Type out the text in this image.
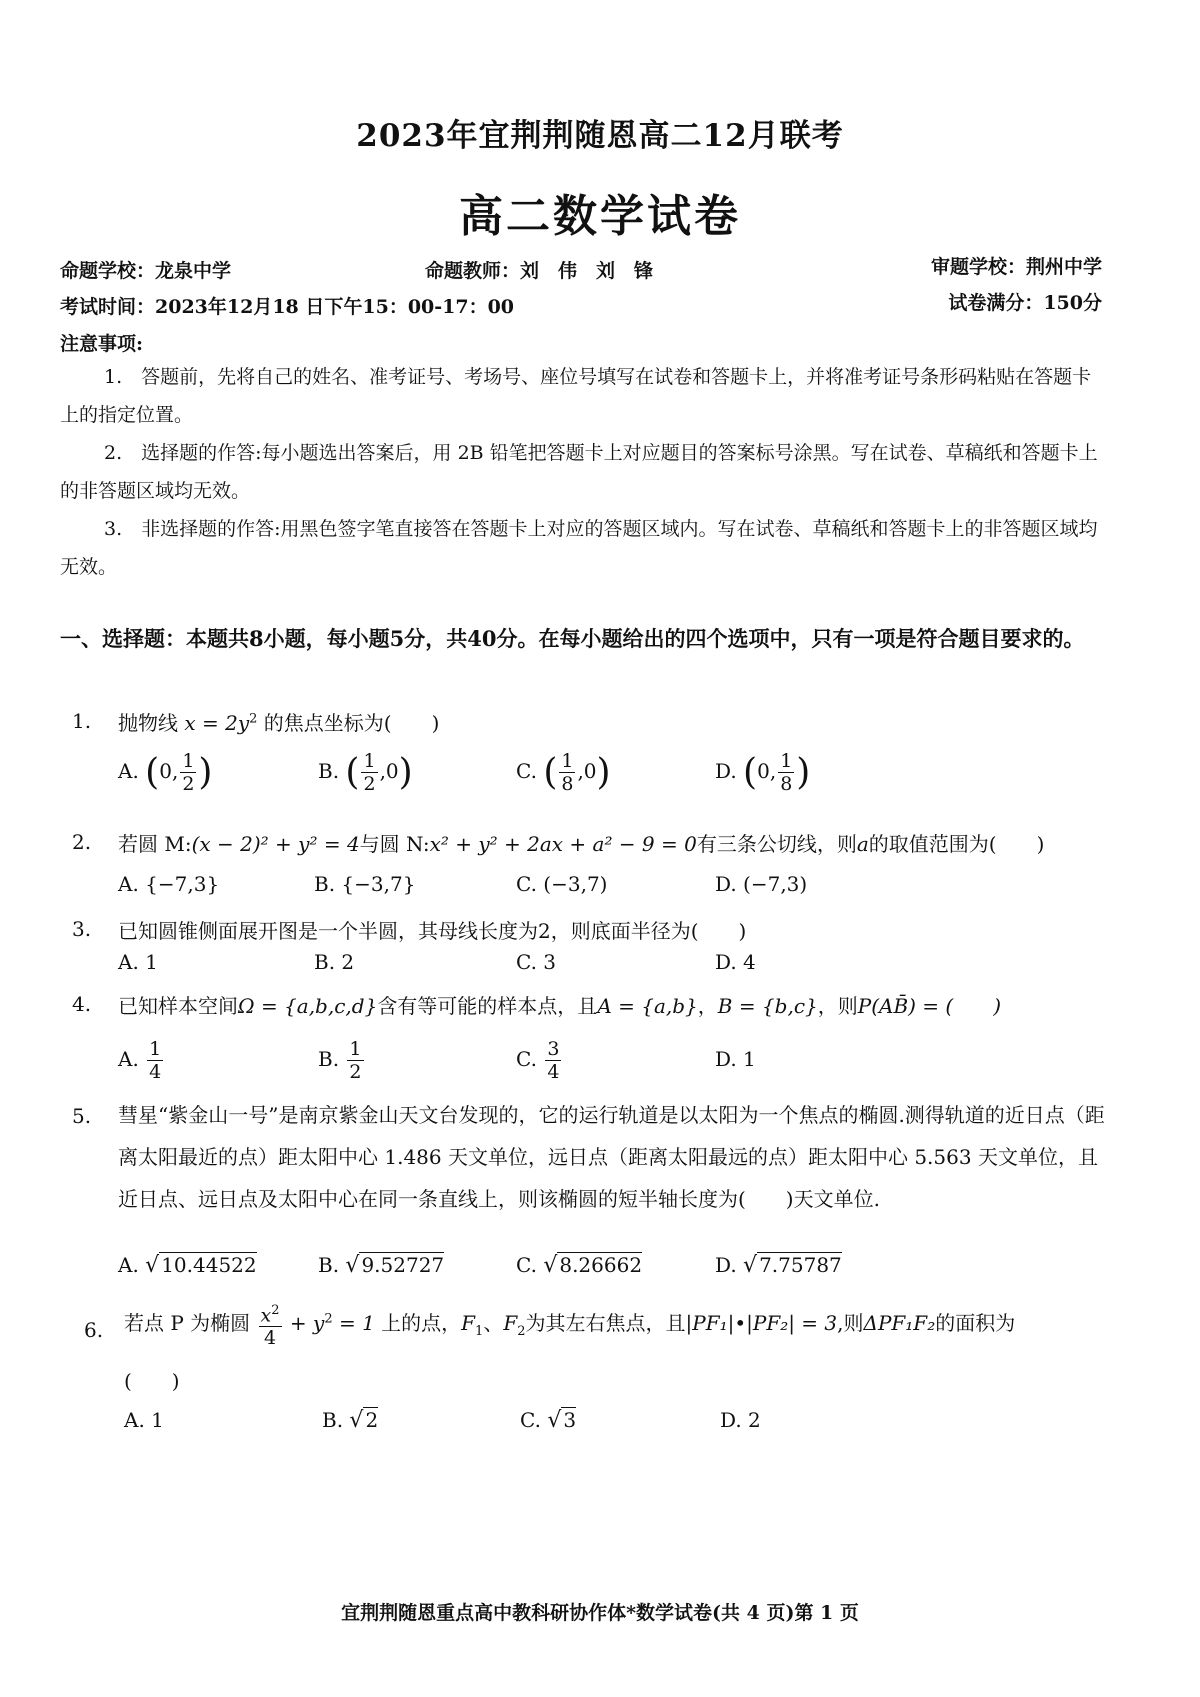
2023年宜荆荆随恩高二12月联考
高二数学试卷
命题学校：龙泉中学	命题教师：刘　伟　刘　锋	审题学校：荆州中学
考试时间：2023年12月18 日下午15：00-17：00	试卷满分：150分
注意事项:
1.　答题前，先将自己的姓名、准考证号、考场号、座位号填写在试卷和答题卡上，并将准考证号条形码粘贴在答题卡上的指定位置。
2.　选择题的作答:每小题选出答案后，用 2B 铅笔把答题卡上对应题目的答案标号涂黑。写在试卷、草稿纸和答题卡上的非答题区域均无效。
3.　非选择题的作答:用黑色签字笔直接答在答题卡上对应的答题区域内。写在试卷、草稿纸和答题卡上的非答题区域均无效。
一、选择题：本题共8小题，每小题5分，共40分。在每小题给出的四个选项中，只有一项是符合题目要求的。
1. 抛物线 $x = 2y^2$ 的焦点坐标为(　　)
A. (0, $\frac{1}{2}$ )	B. ( $\frac{1}{2} ,0$)	C. ( $\frac{1}{8} ,0$)	D. (0, $\frac{1}{8}$ )
2. 若圆 M:(x − 2)² + y² = 4与圆 N:x² + y² + 2ax + a² − 9 = 0有三条公切线，则a的取值范围为(　　)
A. {−7,3}	B. {−3,7}	C. (−3,7)	D. (−7,3)
3. 已知圆锥侧面展开图是一个半圆，其母线长度为2，则底面半径为(　　)
A. 1	B. 2	C. 3	D. 4
4. 已知样本空间Ω = {a,b,c,d}含有等可能的样本点，且A = {a,b}，B = {b,c}，则P(AB̄) = (　　)
A. $\frac{1}{4}$	B. $\frac{1}{2}$	C. $\frac{3}{4}$	D. 1
5. 彗星“紫金山一号”是南京紫金山天文台发现的，它的运行轨道是以太阳为一个焦点的椭圆.测得轨道的近日点（距离太阳最近的点）距太阳中心 1.486 天文单位，远日点（距离太阳最远的点）距太阳中心 5.563 天文单位，且近日点、远日点及太阳中心在同一条直线上，则该椭圆的短半轴长度为(　　)天文单位.
A. √ 10.44522	B. √ 9.52727	C. √ 8.26662	D. √ 7.75787
6. 若点 P 为椭圆 $\frac{x^2}{4} + y^2 = 1$ 上的点，$F_1$、$F_2$为其左右焦点，且|PF₁|•|PF₂| = 3,则ΔPF₁F₂的面积为
(　　)
A. 1	B. √ 2	C. √ 3	D. 2
宜荆荆随恩重点高中教科研协作体*数学试卷(共 4 页)第 1 页
